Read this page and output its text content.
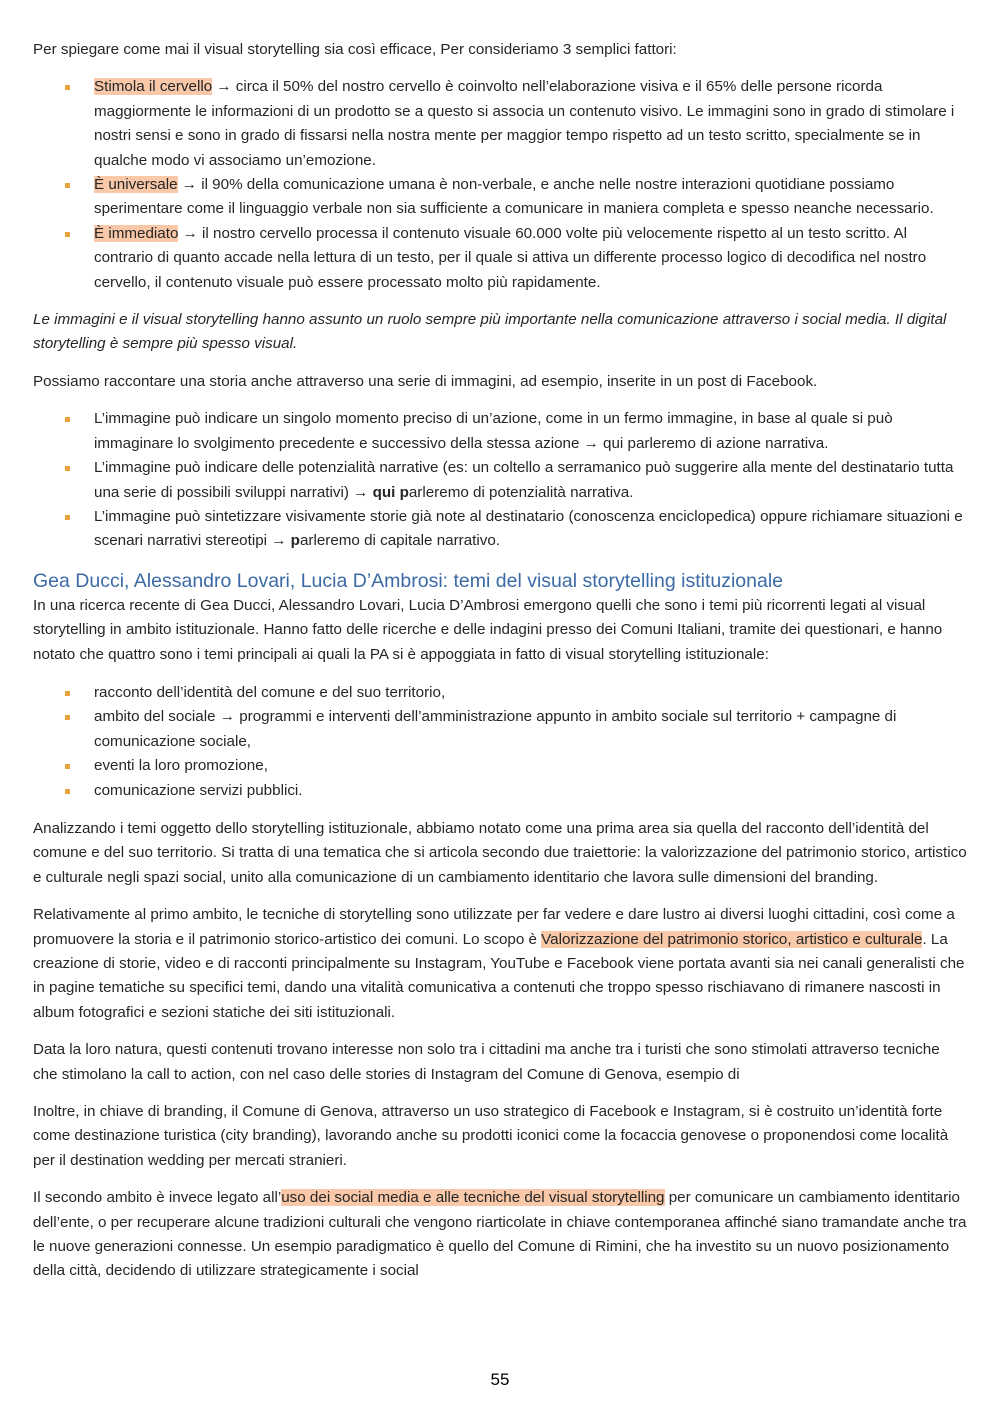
Per spiegare come mai il visual storytelling sia così efficace, Per consideriamo 3 semplici fattori:

Stimola il cervello → circa il 50% del nostro cervello è coinvolto nell’elaborazione visiva e il 65% delle persone ricorda maggiormente le informazioni di un prodotto se a questo si associa un contenuto visivo. Le immagini sono in grado di stimolare i nostri sensi e sono in grado di fissarsi nella nostra mente per maggior tempo rispetto ad un testo scritto, specialmente se in qualche modo vi associamo un’emozione.
È universale → il 90% della comunicazione umana è non-verbale, e anche nelle nostre interazioni quotidiane possiamo sperimentare come il linguaggio verbale non sia sufficiente a comunicare in maniera completa e spesso neanche necessario.
È immediato → il nostro cervello processa il contenuto visuale 60.000 volte più velocemente rispetto al un testo scritto. Al contrario di quanto accade nella lettura di un testo, per il quale si attiva un differente processo logico di decodifica nel nostro cervello, il contenuto visuale può essere processato molto più rapidamente.

Le immagini e il visual storytelling hanno assunto un ruolo sempre più importante nella comunicazione attraverso i social media. Il digital storytelling è sempre più spesso visual.

Possiamo raccontare una storia anche attraverso una serie di immagini, ad esempio, inserite in un post di Facebook.

L’immagine può indicare un singolo momento preciso di un’azione, come in un fermo immagine, in base al quale si può immaginare lo svolgimento precedente e successivo della stessa azione → qui parleremo di azione narrativa.
L’immagine può indicare delle potenzialità narrative (es: un coltello a serramanico può suggerire alla mente del destinatario tutta una serie di possibili sviluppi narrativi) → qui parleremo di potenzialità narrativa.
L’immagine può sintetizzare visivamente storie già note al destinatario (conoscenza enciclopedica) oppure richiamare situazioni e scenari narrativi stereotipi → parleremo di capitale narrativo.
Gea Ducci, Alessandro Lovari, Lucia D’Ambrosi: temi del visual storytelling istituzionale

In una ricerca recente di Gea Ducci, Alessandro Lovari, Lucia D’Ambrosi emergono quelli che sono i temi più ricorrenti legati al visual storytelling in ambito istituzionale. Hanno fatto delle ricerche e delle indagini presso dei Comuni Italiani, tramite dei questionari, e hanno notato che quattro sono i temi principali ai quali la PA si è appoggiata in fatto di visual storytelling istituzionale:

racconto dell’identità del comune e del suo territorio,
ambito del sociale → programmi e interventi dell’amministrazione appunto in ambito sociale sul territorio + campagne di comunicazione sociale,
eventi la loro promozione,
comunicazione servizi pubblici.

Analizzando i temi oggetto dello storytelling istituzionale, abbiamo notato come una prima area sia quella del racconto dell’identità del comune e del suo territorio. Si tratta di una tematica che si articola secondo due traiettorie: la valorizzazione del patrimonio storico, artistico e culturale negli spazi social, unito alla comunicazione di un cambiamento identitario che lavora sulle dimensioni del branding.

Relativamente al primo ambito, le tecniche di storytelling sono utilizzate per far vedere e dare lustro ai diversi luoghi cittadini, così come a promuovere la storia e il patrimonio storico-artistico dei comuni. Lo scopo è Valorizzazione del patrimonio storico, artistico e culturale. La creazione di storie, video e di racconti principalmente su Instagram, YouTube e Facebook viene portata avanti sia nei canali generalisti che in pagine tematiche su specifici temi, dando una vitalità comunicativa a contenuti che troppo spesso rischiavano di rimanere nascosti in album fotografici e sezioni statiche dei siti istituzionali.

Data la loro natura, questi contenuti trovano interesse non solo tra i cittadini ma anche tra i turisti che sono stimolati attraverso tecniche che stimolano la call to action, con nel caso delle stories di Instagram del Comune di Genova, esempio di

Inoltre, in chiave di branding, il Comune di Genova, attraverso un uso strategico di Facebook e Instagram, si è costruito un’identità forte come destinazione turistica (city branding), lavorando anche su prodotti iconici come la focaccia genovese o proponendosi come località per il destination wedding per mercati stranieri.

Il secondo ambito è invece legato all’uso dei social media e alle tecniche del visual storytelling per comunicare un cambiamento identitario dell’ente, o per recuperare alcune tradizioni culturali che vengono riarticolate in chiave contemporanea affinché siano tramandate anche tra le nuove generazioni connesse. Un esempio paradigmatico è quello del Comune di Rimini, che ha investito su un nuovo posizionamento della città, decidendo di utilizzare strategicamente i social

55
